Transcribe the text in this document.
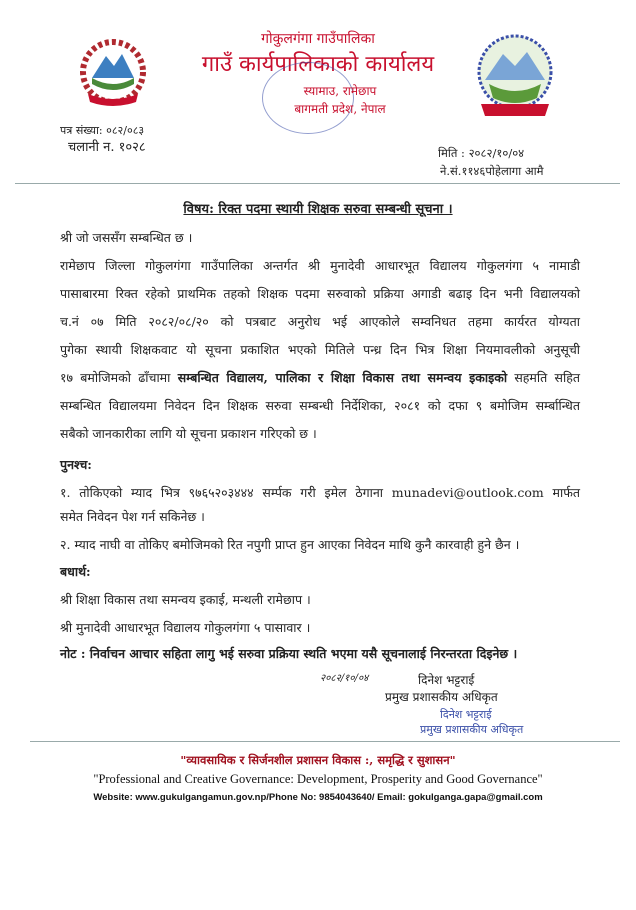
गोकुलगंगा गाउँपालिका
गाउँ कार्यपालिकाको कार्यालय
स्यामाउ, रामेछाप
बागमती प्रदेश, नेपाल
पत्र संख्या: ०८२/०८३
चलानी न. १०२८	मिति : २०८२/१०/०४
ने.सं.११४६पोहेलागा आमै
विषय: रिक्त पदमा स्थायी शिक्षक सरुवा सम्बन्धी सूचना ।
श्री जो जससँग सम्बन्धित छ ।
रामेछाप जिल्ला गोकुलगंगा गाउँपालिका अन्तर्गत श्री मुनादेवी आधारभूत विद्यालय गोकुलगंगा ५ नामाडी
पासाबारमा रिक्त रहेको प्राथमिक तहको शिक्षक पदमा सरुवाको प्रक्रिया अगाडी बढाइ दिन भनी विद्यालयको
च.नं ०७ मिति २०८२/०८/२० को पत्रबाट अनुरोध भई आएकोले सम्वनिधत तहमा कार्यरत योग्यता
पुगेका स्थायी शिक्षकवाट यो सूचना प्रकाशित भएको मितिले पन्ध्र दिन भित्र शिक्षा नियमावलीको अनुसूची
१७ बमोजिमको ढाँचामा सम्बन्धित विद्यालय, पालिका र शिक्षा विकास तथा समन्वय इकाइको सहमति सहित
सम्बन्धित विद्यालयमा निवेदन दिन शिक्षक सरुवा सम्बन्धी निर्देशिका, २०८१ को दफा ९ बमोजिम सर्म्बान्धित
सबैको जानकारीका लागि यो सूचना प्रकाशन गरिएको छ ।
पुनश्च:
१. तोकिएको म्याद भित्र ९७६५२०३४४४ सर्म्पक गरी इमेल ठेगाना munadevi@outlook.com मार्फत
समेत निवेदन पेश गर्न सकिनेछ ।
२. म्याद नाघी वा तोकिए बमोजिमको रित नपुगी प्राप्त हुन आएका निवेदन माथि कुनै कारवाही हुने छैन ।
बधार्थ:
श्री शिक्षा विकास तथा समन्वय इकाई, मन्थली रामेछाप ।
श्री मुनादेवी आधारभूत विद्यालय गोकुलगंगा ५ पासावार ।
नोट : निर्वाचन आचार सहिता लागु भई सरुवा प्रक्रिया स्थति भएमा यसै सूचनालाई निरन्तरता दिइनेछ ।
२०८२/१०/०४	दिनेश भट्टराई
प्रमुख प्रशासकीय अधिकृत
दिनेश भट्टराई
प्रमुख प्रशासकीय अधिकृत
"व्यावसायिक र सिर्जनशील प्रशासन विकास :, समृद्धि र सुशासन"
"Professional and Creative Governance: Development, Prosperity and Good Governance"
Website: www.gukulgangamun.gov.np/Phone No: 9854043640/ Email: gokulganga.gapa@gmail.com
